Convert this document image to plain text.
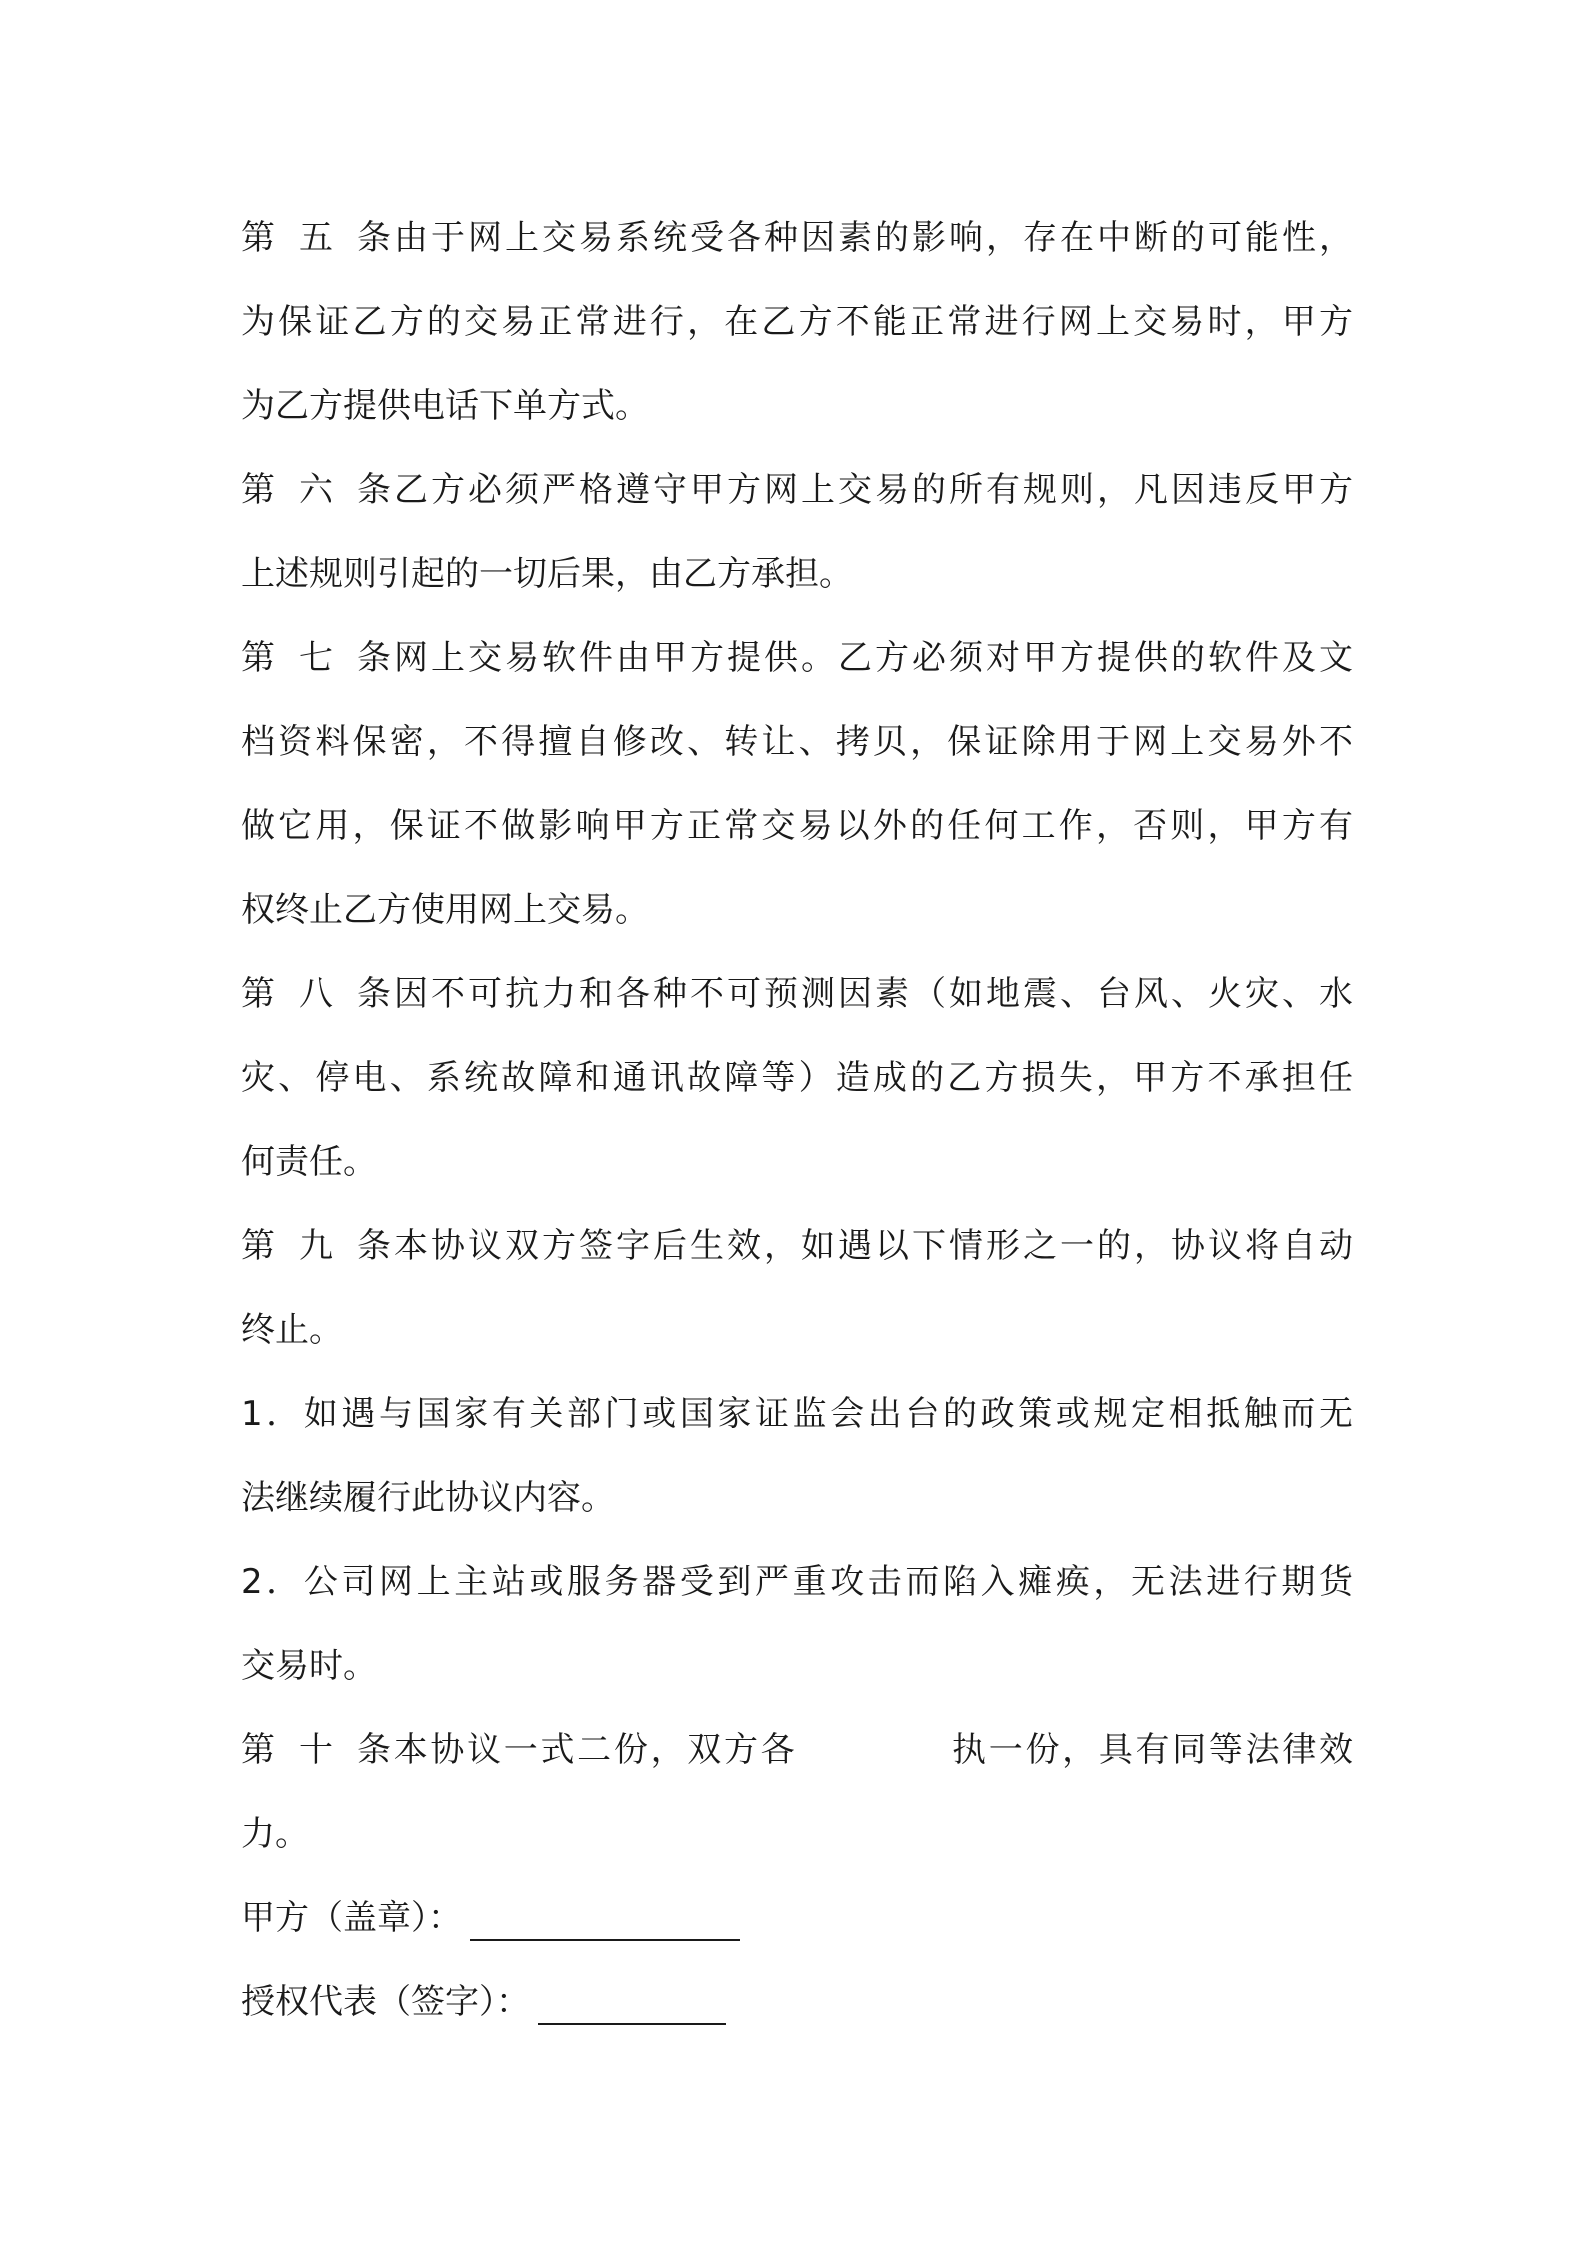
第五条由于网上交易系统受各种因素的影响，存在中断的可能性，
为保证乙方的交易正常进行，在乙方不能正常进行网上交易时，甲方
为乙方提供电话下单方式。
第六条乙方必须严格遵守甲方网上交易的所有规则，凡因违反甲方
上述规则引起的一切后果，由乙方承担。
第七条网上交易软件由甲方提供。乙方必须对甲方提供的软件及文
档资料保密，不得擅自修改、转让、拷贝，保证除用于网上交易外不
做它用，保证不做影响甲方正常交易以外的任何工作，否则，甲方有
权终止乙方使用网上交易。
第八条因不可抗力和各种不可预测因素（如地震、台风、火灾、水
灾、停电、系统故障和通讯故障等）造成的乙方损失，甲方不承担任
何责任。
第九条本协议双方签字后生效，如遇以下情形之一的，协议将自动
终止。
1．如遇与国家有关部门或国家证监会出台的政策或规定相抵触而无
法继续履行此协议内容。
2．公司网上主站或服务器受到严重攻击而陷入瘫痪，无法进行期货
交易时。
第十条本协议一式二份，双方各	执一份，具有同等法律效
力。
甲方（盖章）：
授权代表（签字）：
